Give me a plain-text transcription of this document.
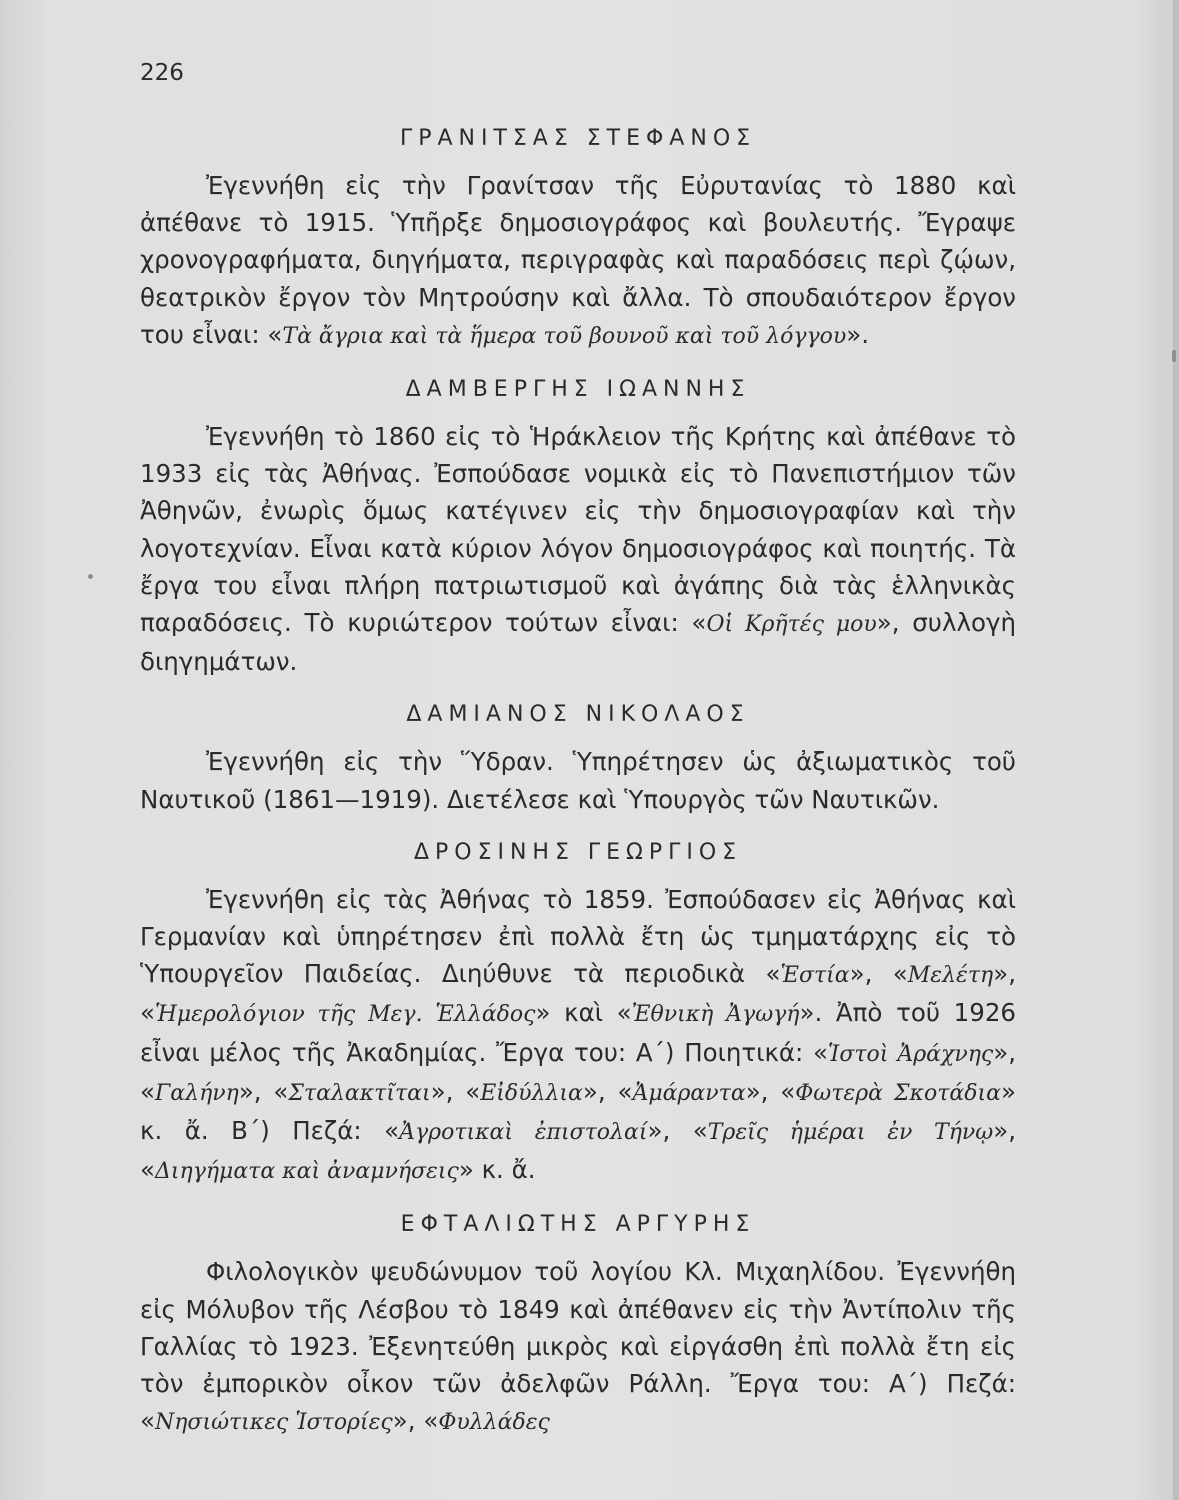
226
ΓΡΑΝΙΤΣΑΣ ΣΤΕΦΑΝΟΣ

Ἐγεννήθη εἰς τὴν Γρανίτσαν τῆς Εὐρυτανίας τὸ 1880 καὶ ἀπέθανε τὸ 1915. Ὑπῆρξε δημοσιογράφος καὶ βουλευτής. Ἔγραψε χρονογραφήματα, διηγήματα, περιγραφὰς καὶ παραδόσεις περὶ ζῴων, θεατρικὸν ἔργον τὸν Μητρούσην καὶ ἄλλα. Τὸ σπουδαιότερον ἔργον του εἶναι: «Τὰ ἄγρια καὶ τὰ ἥμερα τοῦ βουνοῦ καὶ τοῦ λόγγου».

ΔΑΜΒΕΡΓΗΣ ΙΩΑΝΝΗΣ

Ἐγεννήθη τὸ 1860 εἰς τὸ Ἡράκλειον τῆς Κρήτης καὶ ἀπέθανε τὸ 1933 εἰς τὰς Ἀθήνας. Ἐσπούδασε νομικὰ εἰς τὸ Πανεπιστήμιον τῶν Ἀθηνῶν, ἐνωρὶς ὅμως κατέγινεν εἰς τὴν δημοσιογραφίαν καὶ τὴν λογοτεχνίαν. Εἶναι κατὰ κύριον λόγον δημοσιογράφος καὶ ποιητής. Τὰ ἔργα του εἶναι πλήρη πατριωτισμοῦ καὶ ἀγάπης διὰ τὰς ἑλληνικὰς παραδόσεις. Τὸ κυριώτερον τούτων εἶναι: «Οἱ Κρῆτές μου», συλλογὴ διηγημάτων.

ΔΑΜΙΑΝΟΣ ΝΙΚΟΛΑΟΣ

Ἐγεννήθη εἰς τὴν Ὕδραν. Ὑπηρέτησεν ὡς ἀξιωματικὸς τοῦ Ναυτικοῦ (1861—1919). Διετέλεσε καὶ Ὑπουργὸς τῶν Ναυτικῶν.

ΔΡΟΣΙΝΗΣ ΓΕΩΡΓΙΟΣ

Ἐγεννήθη εἰς τὰς Ἀθήνας τὸ 1859. Ἐσπούδασεν εἰς Ἀθήνας καὶ Γερμανίαν καὶ ὑπηρέτησεν ἐπὶ πολλὰ ἔτη ὡς τμηματάρχης εἰς τὸ Ὑπουργεῖον Παιδείας. Διηύθυνε τὰ περιοδικὰ «Ἑστία», «Μελέτη», «Ἡμερολόγιον τῆς Μεγ. Ἑλλάδος» καὶ «Ἐθνικὴ Ἀγωγή». Ἀπὸ τοῦ 1926 εἶναι μέλος τῆς Ἀκαδημίας. Ἔργα του: Α΄) Ποιητικά: «Ἱστοὶ Ἀράχνης», «Γαλήνη», «Σταλακτῖται», «Εἰδύλλια», «Ἀμάραντα», «Φωτερὰ Σκοτάδια» κ. ἄ. Β΄) Πεζά: «Ἀγροτικαὶ ἐπιστολαί», «Τρεῖς ἡμέραι ἐν Τήνῳ», «Διηγήματα καὶ ἀναμνήσεις» κ. ἄ.

ΕΦΤΑΛΙΩΤΗΣ ΑΡΓΥΡΗΣ

Φιλολογικὸν ψευδώνυμον τοῦ λογίου Κλ. Μιχαηλίδου. Ἐγεννήθη εἰς Μόλυβον τῆς Λέσβου τὸ 1849 καὶ ἀπέθανεν εἰς τὴν Ἀντίπολιν τῆς Γαλλίας τὸ 1923. Ἐξενητεύθη μικρὸς καὶ εἰργάσθη ἐπὶ πολλὰ ἔτη εἰς τὸν ἐμπορικὸν οἶκον τῶν ἀδελφῶν Ράλλη. Ἔργα του: Α΄) Πεζά: «Νησιώτικες Ἱστορίες», «Φυλλάδες
